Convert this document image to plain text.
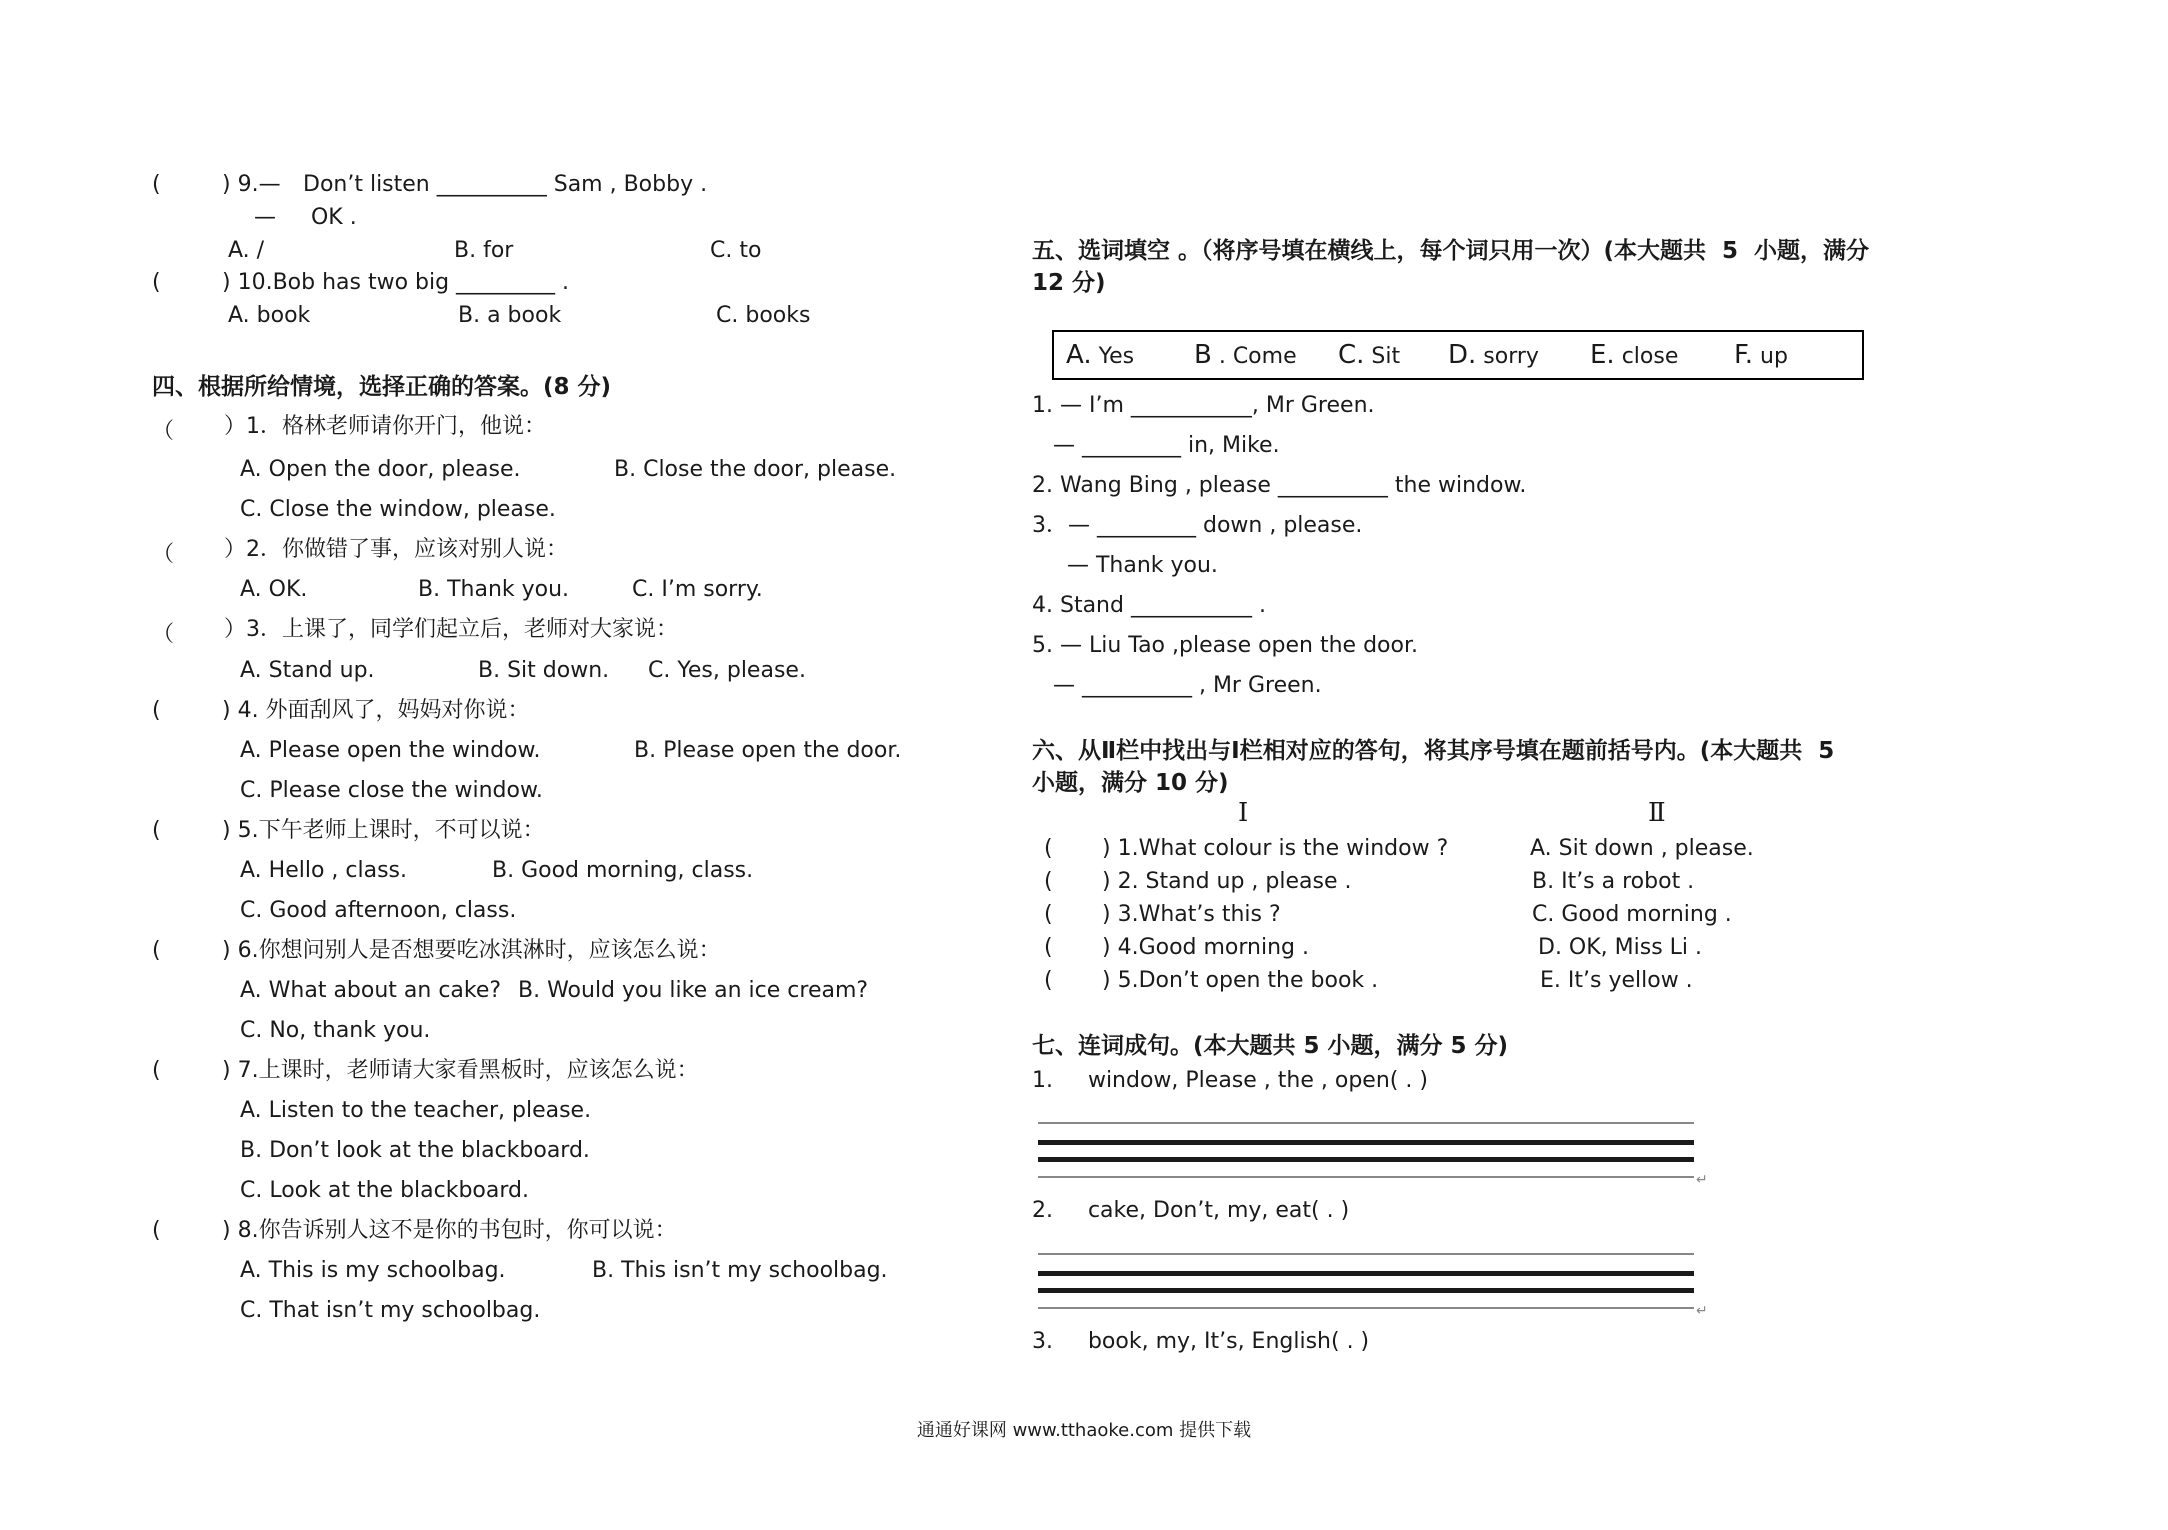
(	) 9.— Don’t listen __________ Sam , Bobby .
—     OK .
A. /	B. for	C. to
(	) 10.Bob has two big _________ .
A. book	B. a book	C. books
四、根据所给情境，选择正确的答案。(8 分)
（ ）1．格林老师请你开门，他说：
A. Open the door, please.	B. Close the door, please.
C. Close the window, please.
（ ）2．你做错了事，应该对别人说：
A. OK.	B. Thank you.	C. I’m sorry.
（ ）3．上课了，同学们起立后，老师对大家说：
A. Stand up.	B. Sit down. C. Yes, please.
(	) 4. 外面刮风了，妈妈对你说：
A. Please open the window.	B. Please open the door.
C. Please close the window.
(	) 5.下午老师上课时，不可以说：
A. Hello , class.	B. Good morning, class.
C. Good afternoon, class.
(	) 6.你想问别人是否想要吃冰淇淋时，应该怎么说：
A. What about an cake? B. Would you like an ice cream?
C. No, thank you.
(	) 7.上课时，老师请大家看黑板时，应该怎么说：
A. Listen to the teacher, please.
B. Don’t look at the blackboard.
C. Look at the blackboard.
(	) 8.你告诉别人这不是你的书包时，你可以说：
A. This is my schoolbag.	B. This isn’t my schoolbag.
C. That isn’t my schoolbag.
五、选词填空 。（将序号填在横线上，每个词只用一次）(本大题共  5  小题，满分
12 分)
A. Yes B . Come C. Sit D. sorry E. close F. up
1. — I’m ___________, Mr Green.
— _________ in, Mike.
2. Wang Bing , please __________ the window.
3．— _________ down , please.
— Thank you.
4. Stand ___________ .
5. — Liu Tao ,please open the door.
— __________ , Mr Green.
六、从Ⅱ栏中找出与Ⅰ栏相对应的答句，将其序号填在题前括号内。(本大题共  5
小题，满分 10 分)
Ⅰ	Ⅱ
( ) 1.What colour is the window ?	A. Sit down , please.
( ) 2. Stand up , please .	B. It’s a robot .
( ) 3.What’s this ?	C. Good morning .
( ) 4.Good morning .	D. OK, Miss Li .
( ) 5.Don’t open the book .	E. It’s yellow .
七、连词成句。(本大题共 5 小题，满分 5 分)
1.     window, Please , the , open( . )
↵
2.     cake, Don’t, my, eat( . )
↵
3.     book, my, It’s, English( . )
通通好课网 www.tthaoke.com 提供下载
